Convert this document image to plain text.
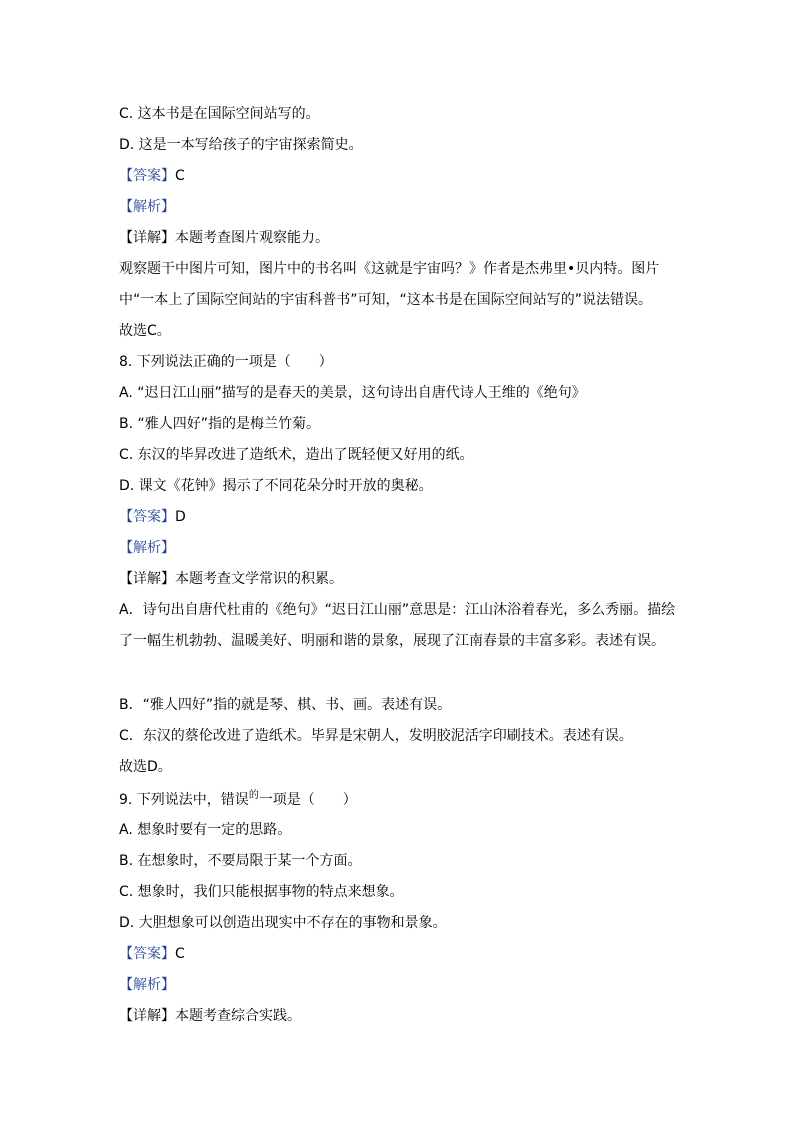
C. 这本书是在国际空间站写的。
D. 这是一本写给孩子的宇宙探索简史。
【答案】C
【解析】
【详解】本题考查图片观察能力。
观察题干中图片可知，图片中的书名叫《这就是宇宙吗？》作者是杰弗里•贝内特。图片中“一本上了国际空间站的宇宙科普书”可知，“这本书是在国际空间站写的”说法错误。
故选C。
8. 下列说法正确的一项是（　　）
A. “迟日江山丽”描写的是春天的美景，这句诗出自唐代诗人王维的《绝句》
B. “雅人四好”指的是梅兰竹菊。
C. 东汉的毕昇改进了造纸术，造出了既轻便又好用的纸。
D. 课文《花钟》揭示了不同花朵分时开放的奥秘。
【答案】D
【解析】
【详解】本题考查文学常识的积累。
A．诗句出自唐代杜甫的《绝句》“迟日江山丽”意思是：江山沐浴着春光，多么秀丽。描绘了一幅生机勃勃、温暖美好、明丽和谐的景象，展现了江南春景的丰富多彩。表述有误。
B．“雅人四好”指的就是琴、棋、书、画。表述有误。
C．东汉的蔡伦改进了造纸术。毕昇是宋朝人，发明胶泥活字印刷技术。表述有误。
故选D。
9. 下列说法中，错误$^的$一项是（　　）
A. 想象时要有一定的思路。
B. 在想象时，不要局限于某一个方面。
C. 想象时，我们只能根据事物的特点来想象。
D. 大胆想象可以创造出现实中不存在的事物和景象。
【答案】C
【解析】
【详解】本题考查综合实践。
